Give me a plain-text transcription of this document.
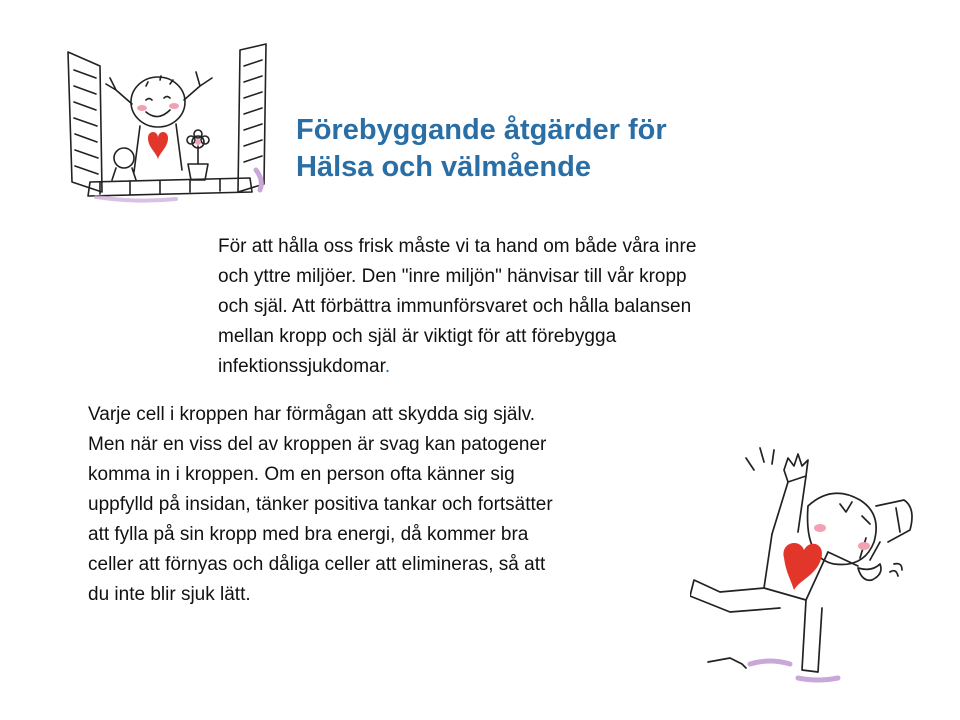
Förebyggande åtgärder för
Hälsa och välmående
För att hålla oss frisk måste vi ta hand om både våra inre
och yttre miljöer. Den "inre miljön" hänvisar till vår kropp
och själ. Att förbättra immunförsvaret och hålla balansen
mellan kropp och själ är viktigt för att förebygga
infektionssjukdomar.
Varje cell i kroppen har förmågan att skydda sig själv.
Men när en viss del av kroppen är svag kan patogener
komma in i kroppen. Om en person ofta känner sig
uppfylld på insidan, tänker positiva tankar och fortsätter
att fylla på sin kropp med bra energi, då kommer bra
celler att förnyas och dåliga celler att elimineras, så att
du inte blir sjuk lätt.
